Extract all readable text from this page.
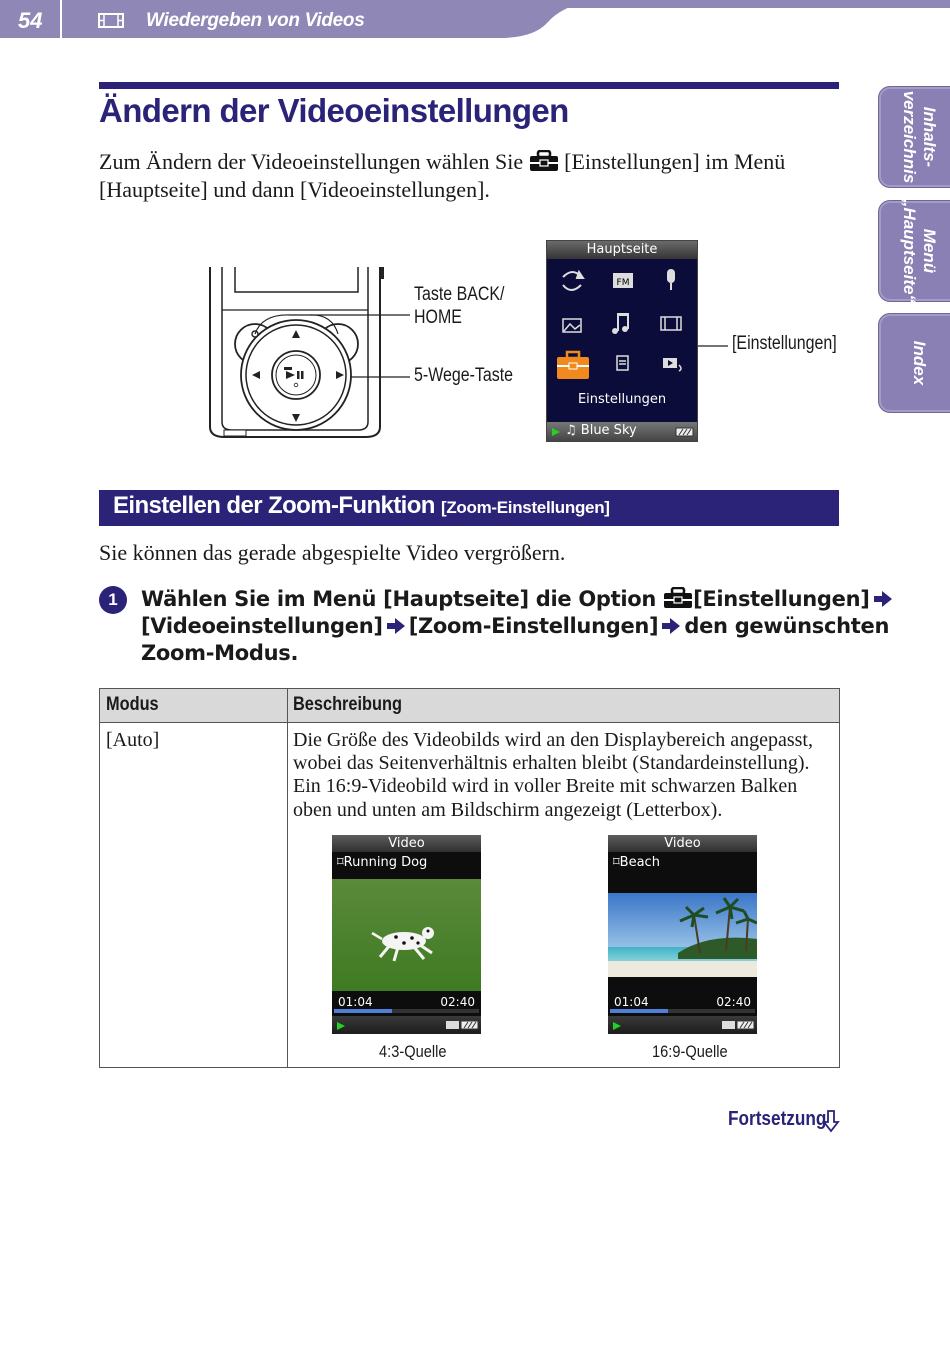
54	Wiedergeben von Videos
Inhalts-
verzeichnis
Menü
„Hauptseite“
Index
Ändern der Videoeinstellungen
Zum Ändern der Videoeinstellungen wählen Sie [Einstellungen] im Menü
[Hauptseite] und dann [Videoeinstellungen].
Taste BACK/
HOME
5-Wege-Taste
[Einstellungen]
Hauptseite
FM
Einstellungen
♫ Blue Sky
Einstellen der Zoom-Funktion [Zoom-Einstellungen]
Sie können das gerade abgespielte Video vergrößern.
1	Wählen Sie im Menü [Hauptseite] die Option [Einstellungen]
[Videoeinstellungen] [Zoom-Einstellungen] den gewünschten
Zoom-Modus.
Modus	Beschreibung
[Auto]	Die Größe des Videobilds wird an den Displaybereich angepasst,
wobei das Seitenverhältnis erhalten bleibt (Standardeinstellung).
Ein 16:9-Videobild wird in voller Breite mit schwarzen Balken
oben und unten am Bildschirm angezeigt (Letterbox).
Video
⌑Running Dog
01:04	02:40
4:3-Quelle
Video
⌑Beach
01:04	02:40
16:9-Quelle
Fortsetzung
